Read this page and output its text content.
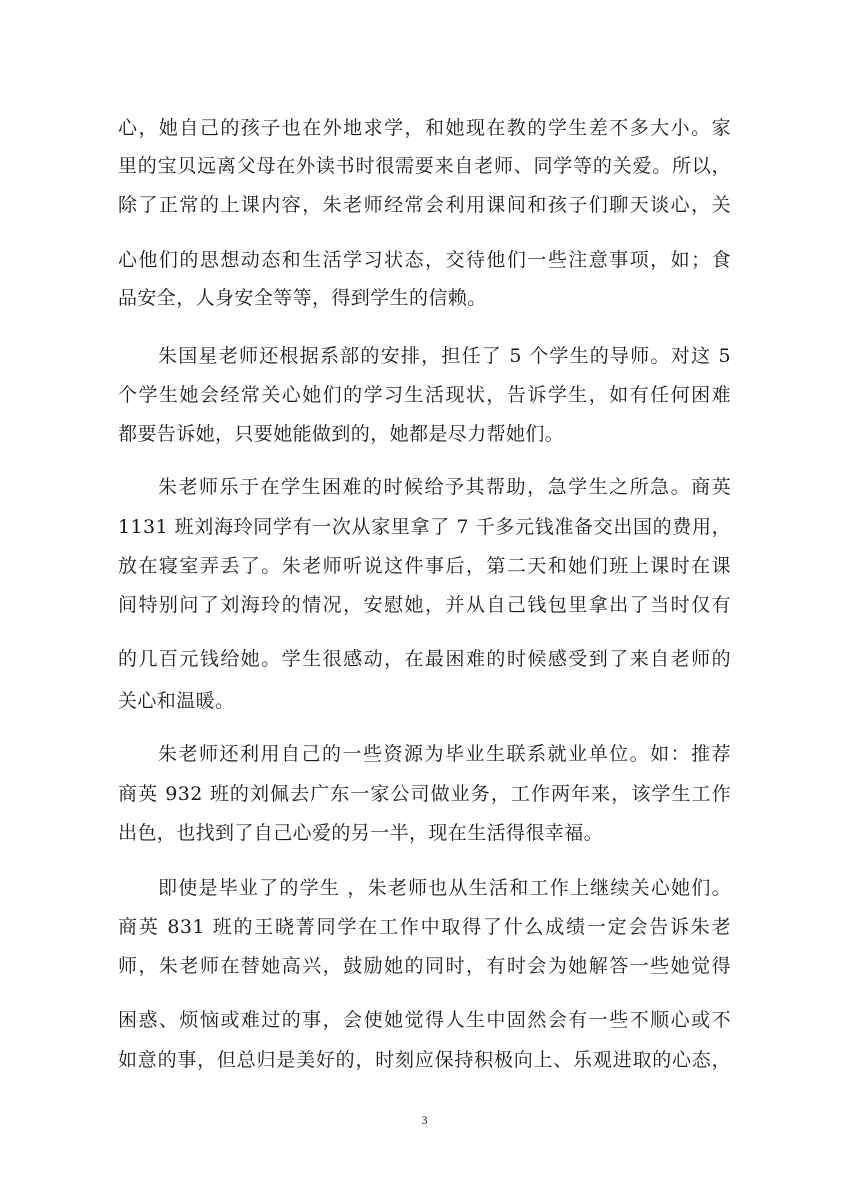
心，她自己的孩子也在外地求学，和她现在教的学生差不多大小。家
里的宝贝远离父母在外读书时很需要来自老师、同学等的关爱。所以，
除了正常的上课内容，朱老师经常会利用课间和孩子们聊天谈心，关
心他们的思想动态和生活学习状态，交待他们一些注意事项，如；食
品安全，人身安全等等，得到学生的信赖。
朱国星老师还根据系部的安排，担任了 5 个学生的导师。对这 5
个学生她会经常关心她们的学习生活现状，告诉学生，如有任何困难
都要告诉她，只要她能做到的，她都是尽力帮她们。
朱老师乐于在学生困难的时候给予其帮助，急学生之所急。商英
1131 班刘海玲同学有一次从家里拿了 7 千多元钱准备交出国的费用，
放在寝室弄丢了。朱老师听说这件事后，第二天和她们班上课时在课
间特别问了刘海玲的情况，安慰她，并从自己钱包里拿出了当时仅有
的几百元钱给她。学生很感动，在最困难的时候感受到了来自老师的
关心和温暖。
朱老师还利用自己的一些资源为毕业生联系就业单位。如：推荐
商英 932 班的刘佩去广东一家公司做业务，工作两年来，该学生工作
出色，也找到了自己心爱的另一半，现在生活得很幸福。
即使是毕业了的学生 ，朱老师也从生活和工作上继续关心她们。
商英 831 班的王晓菁同学在工作中取得了什么成绩一定会告诉朱老
师，朱老师在替她高兴，鼓励她的同时，有时会为她解答一些她觉得
困惑、烦恼或难过的事，会使她觉得人生中固然会有一些不顺心或不
如意的事，但总归是美好的，时刻应保持积极向上、乐观进取的心态，
3
